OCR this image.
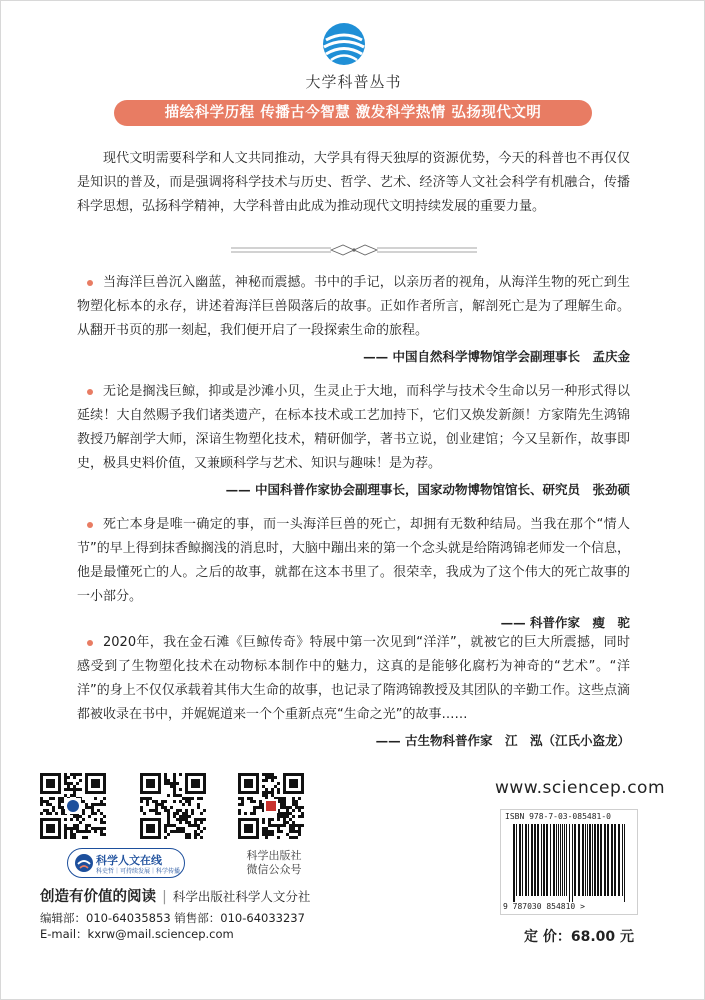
大学科普丛书
描绘科学历程 传播古今智慧 激发科学热情 弘扬现代文明

现代文明需要科学和人文共同推动，大学具有得天独厚的资源优势，今天的科普也不再仅仅是知识的普及，而是强调将科学技术与历史、哲学、艺术、经济等人文社会科学有机融合，传播科学思想，弘扬科学精神，大学科普由此成为推动现代文明持续发展的重要力量。

当海洋巨兽沉入幽蓝，神秘而震撼。书中的手记，以亲历者的视角，从海洋生物的死亡到生物塑化标本的永存，讲述着海洋巨兽陨落后的故事。正如作者所言，解剖死亡是为了理解生命。从翻开书页的那一刻起，我们便开启了一段探索生命的旅程。

—— 中国自然科学博物馆学会副理事长　孟庆金

无论是搁浅巨鲸，抑或是沙滩小贝，生灵止于大地，而科学与技术令生命以另一种形式得以延续！大自然赐予我们诸类遗产，在标本技术或工艺加持下，它们又焕发新颜！方家隋先生鸿锦教授乃解剖学大师，深谙生物塑化技术，精研伽学，著书立说，创业建馆；今又呈新作，故事即史，极具史料价值，又兼顾科学与艺术、知识与趣味！是为荐。

—— 中国科普作家协会副理事长，国家动物博物馆馆长、研究员　张劲硕

死亡本身是唯一确定的事，而一头海洋巨兽的死亡，却拥有无数种结局。当我在那个“情人节”的早上得到抹香鲸搁浅的消息时，大脑中蹦出来的第一个念头就是给隋鸿锦老师发一个信息，他是最懂死亡的人。之后的故事，就都在这本书里了。很荣幸，我成为了这个伟大的死亡故事的一小部分。

—— 科普作家　瘦　驼

2020年，我在金石滩《巨鲸传奇》特展中第一次见到“洋洋”，就被它的巨大所震撼，同时感受到了生物塑化技术在动物标本制作中的魅力，这真的是能够化腐朽为神奇的“艺术”。“洋洋”的身上不仅仅承载着其伟大生命的故事，也记录了隋鸿锦教授及其团队的辛勤工作。这些点滴都被收录在书中，并娓娓道来一个个重新点亮“生命之光”的故事……

—— 古生物科普作家　江　泓（江氏小盗龙）
科学人文在线
科史哲｜可持续发展｜科学传播
科学出版社
微信公众号
创造有价值的阅读 | 科学出版社科学人文分社
编辑部：010-64035853 销售部：010-64033237
E-mail：kxrw@mail.sciencep.com
www.sciencep.com
ISBN 978-7-03-085481-0
9 787030 854810 >
定 价：68.00 元
